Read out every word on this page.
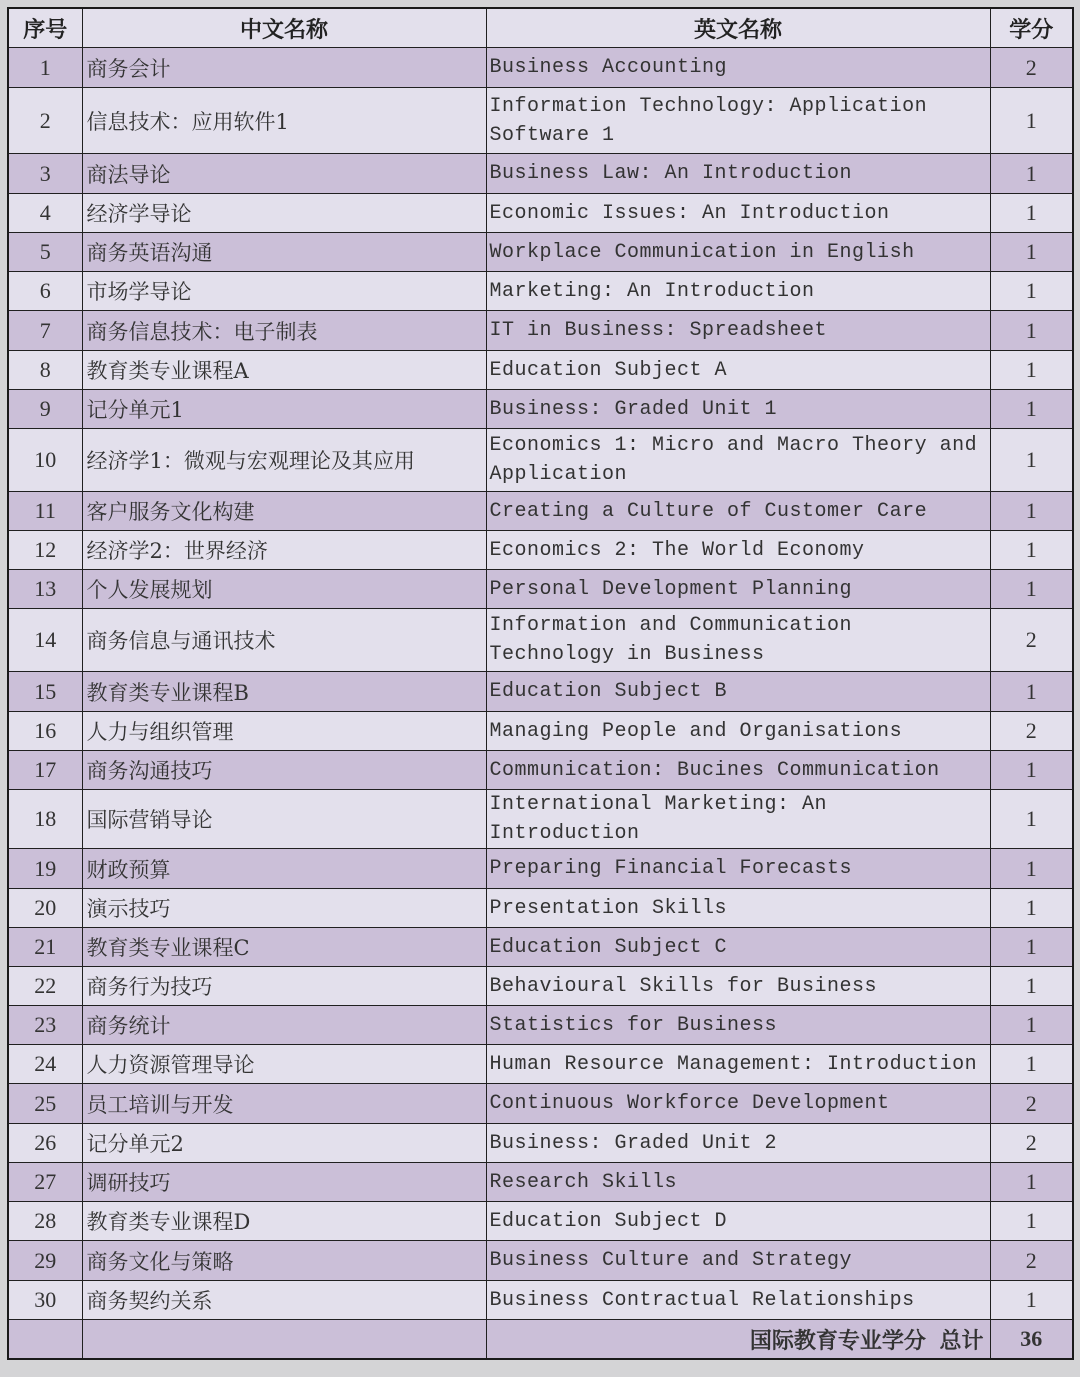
序号	中文名称	英文名称	学分
1	商务会计	Business Accounting	2
2	信息技术：应用软件1	Information Technology: Application Software 1	1
3	商法导论	Business Law: An Introduction	1
4	经济学导论	Economic Issues: An Introduction	1
5	商务英语沟通	Workplace Communication in English	1
6	市场学导论	Marketing: An Introduction	1
7	商务信息技术：电子制表	IT in Business: Spreadsheet	1
8	教育类专业课程A	Education Subject A	1
9	记分单元1	Business: Graded Unit 1	1
10	经济学1：微观与宏观理论及其应用	Economics 1: Micro and Macro Theory and Application	1
11	客户服务文化构建	Creating a Culture of Customer Care	1
12	经济学2：世界经济	Economics 2: The World Economy	1
13	个人发展规划	Personal Development Planning	1
14	商务信息与通讯技术	Information and Communication Technology in Business	2
15	教育类专业课程B	Education Subject B	1
16	人力与组织管理	Managing People and Organisations	2
17	商务沟通技巧	Communication: Bucines Communication	1
18	国际营销导论	International Marketing: An Introduction	1
19	财政预算	Preparing Financial Forecasts	1
20	演示技巧	Presentation Skills	1
21	教育类专业课程C	Education Subject C	1
22	商务行为技巧	Behavioural Skills for Business	1
23	商务统计	Statistics for Business	1
24	人力资源管理导论	Human Resource Management: Introduction	1
25	员工培训与开发	Continuous Workforce Development	2
26	记分单元2	Business: Graded Unit 2	2
27	调研技巧	Research Skills	1
28	教育类专业课程D	Education Subject D	1
29	商务文化与策略	Business Culture and Strategy	2
30	商务契约关系	Business Contractual Relationships	1
		国际教育专业学分 总计	36
